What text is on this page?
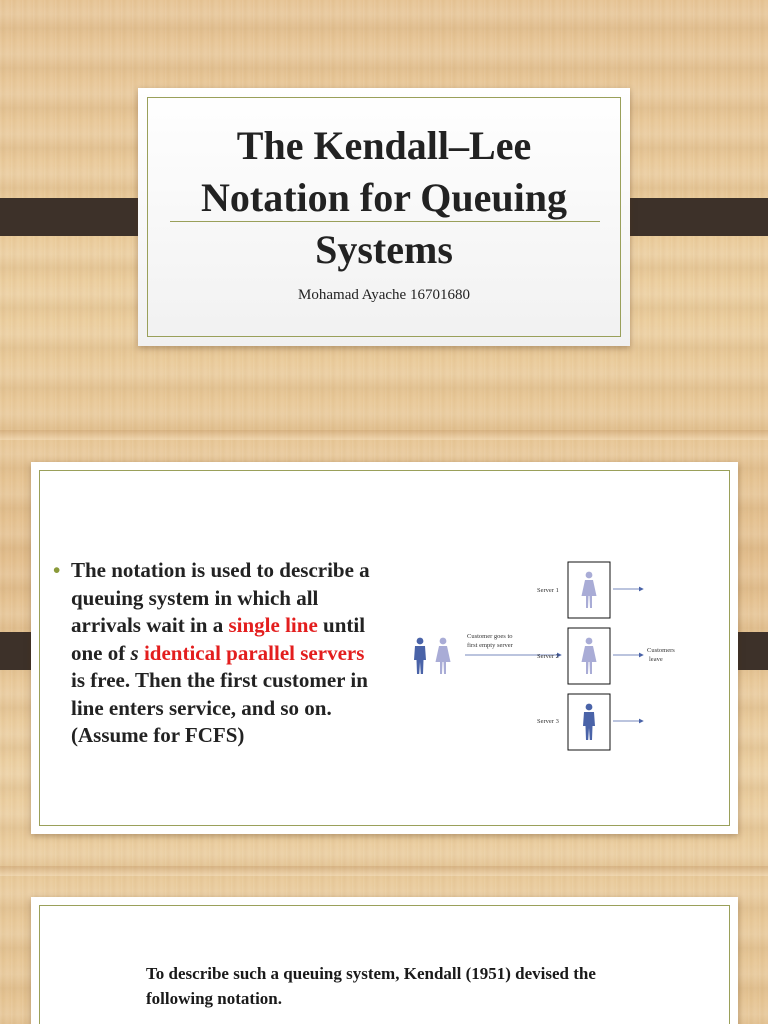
The Kendall–Lee
Notation for Queuing
Systems
Mohamad Ayache 16701680
• The notation is used to describe a queuing system in which all arrivals wait in a single line until one of s identical parallel servers is free. Then the first customer in line enters service, and so on. (Assume for FCFS)
Customer goes to
first empty server
Server 1
Server 2
Customers
leave
Server 3
To describe such a queuing system, Kendall (1951) devised the following notation.
